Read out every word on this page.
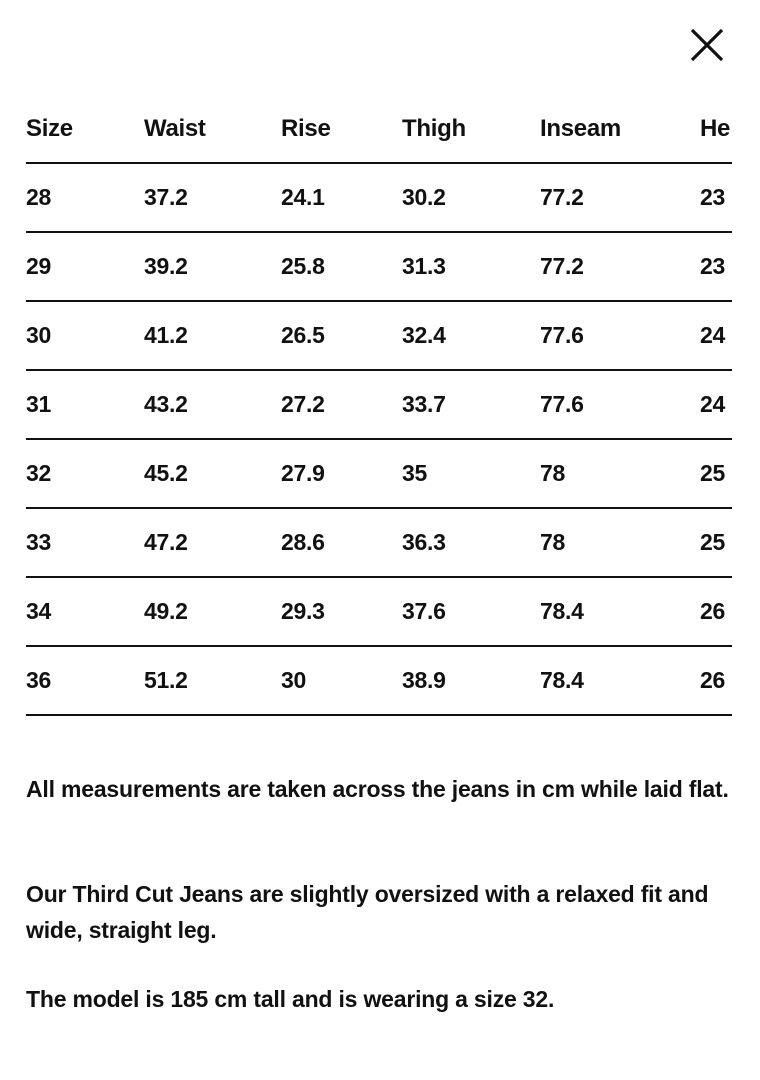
Size	Waist	Rise	Thigh	Inseam	He
28	37.2	24.1	30.2	77.2	23
29	39.2	25.8	31.3	77.2	23
30	41.2	26.5	32.4	77.6	24
31	43.2	27.2	33.7	77.6	24
32	45.2	27.9	35	78	25
33	47.2	28.6	36.3	78	25
34	49.2	29.3	37.6	78.4	26
36	51.2	30	38.9	78.4	26

All measurements are taken across the jeans in cm while laid flat.

Our Third Cut Jeans are slightly oversized with a relaxed fit and wide, straight leg.

The model is 185 cm tall and is wearing a size 32.
